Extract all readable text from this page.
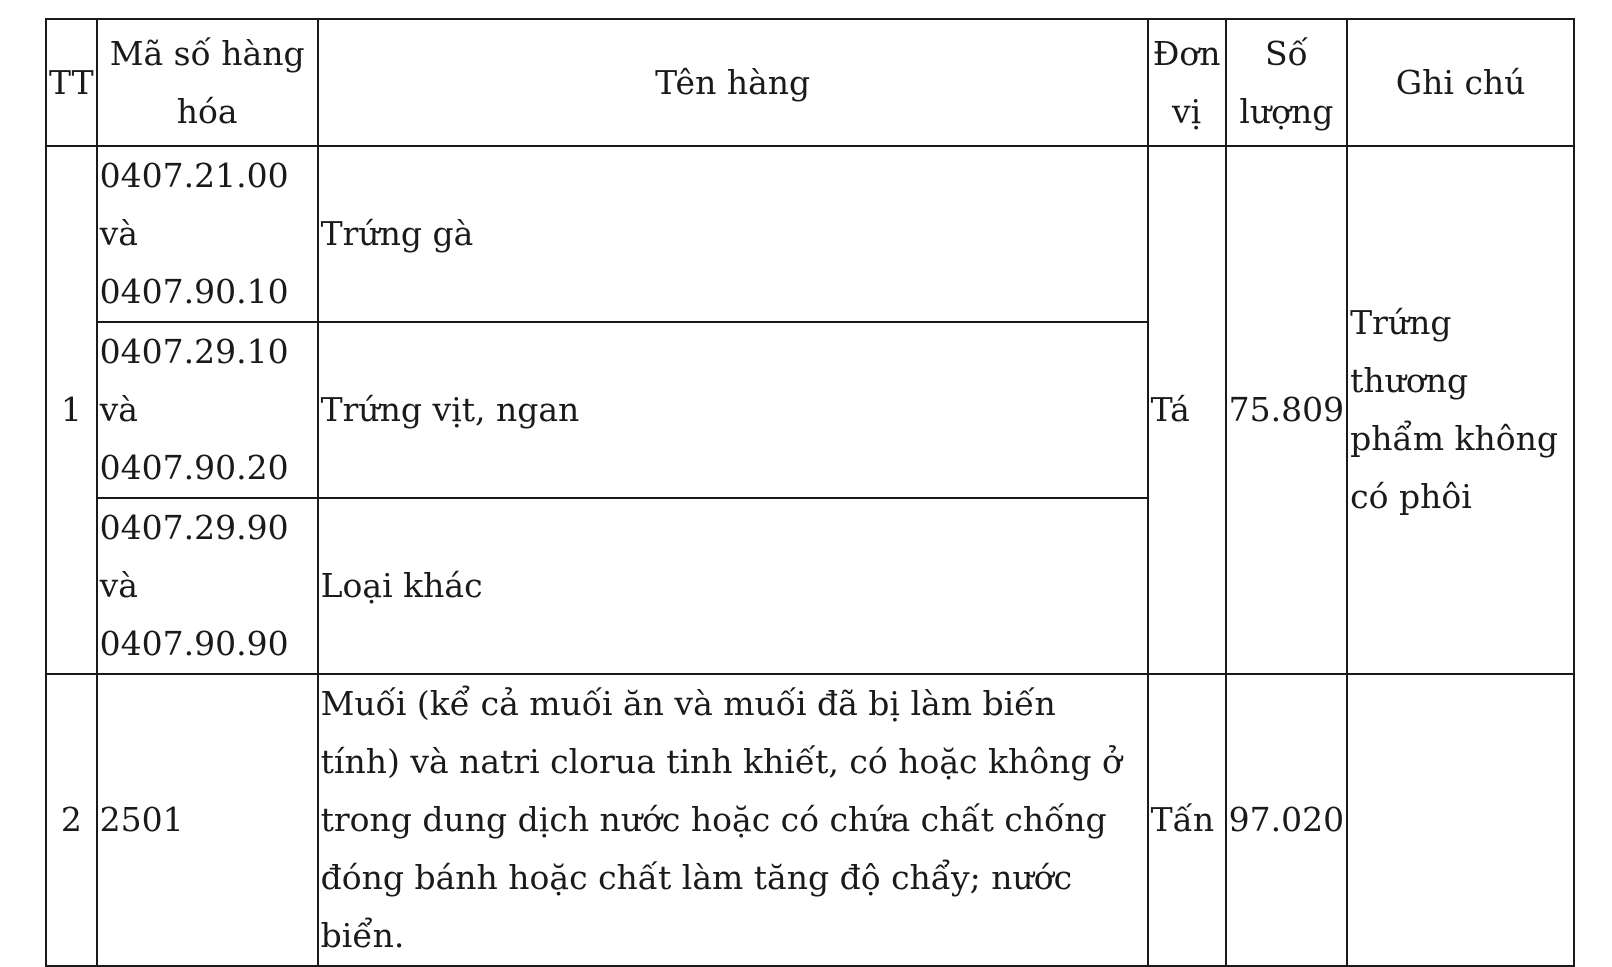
TT	Mã số hàng hóa	Tên hàng	Đơn vị	Số lượng	Ghi chú
1	0407.21.00 và 0407.90.10	Trứng gà	Tá	75.809	Trứng thương phẩm không có phôi
	0407.29.10 và 0407.90.20	Trứng vịt, ngan			
	0407.29.90 và 0407.90.90	Loại khác			
2	2501	Muối (kể cả muối ăn và muối đã bị làm biến tính) và natri clorua tinh khiết, có hoặc không ở trong dung dịch nước hoặc có chứa chất chống đóng bánh hoặc chất làm tăng độ chẩy; nước biển.	Tấn	97.020	
